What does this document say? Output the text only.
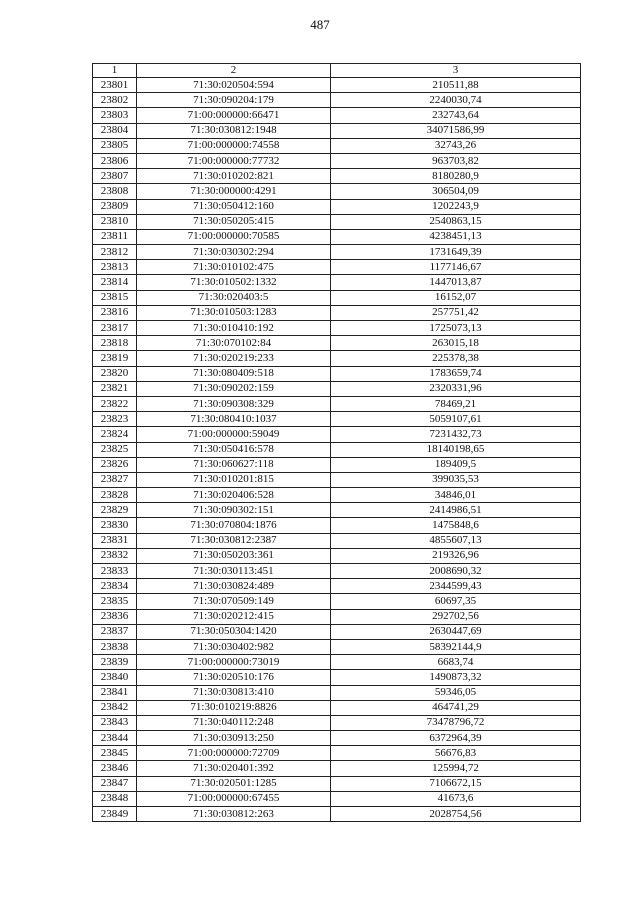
487
1	2	3
23801	71:30:020504:594	210511,88
23802	71:30:090204:179	2240030,74
23803	71:00:000000:66471	232743,64
23804	71:30:030812:1948	34071586,99
23805	71:00:000000:74558	32743,26
23806	71:00:000000:77732	963703,82
23807	71:30:010202:821	8180280,9
23808	71:30:000000:4291	306504,09
23809	71:30:050412:160	1202243,9
23810	71:30:050205:415	2540863,15
23811	71:00:000000:70585	4238451,13
23812	71:30:030302:294	1731649,39
23813	71:30:010102:475	1177146,67
23814	71:30:010502:1332	1447013,87
23815	71:30:020403:5	16152,07
23816	71:30:010503:1283	257751,42
23817	71:30:010410:192	1725073,13
23818	71:30:070102:84	263015,18
23819	71:30:020219:233	225378,38
23820	71:30:080409:518	1783659,74
23821	71:30:090202:159	2320331,96
23822	71:30:090308:329	78469,21
23823	71:30:080410:1037	5059107,61
23824	71:00:000000:59049	7231432,73
23825	71:30:050416:578	18140198,65
23826	71:30:060627:118	189409,5
23827	71:30:010201:815	399035,53
23828	71:30:020406:528	34846,01
23829	71:30:090302:151	2414986,51
23830	71:30:070804:1876	1475848,6
23831	71:30:030812:2387	4855607,13
23832	71:30:050203:361	219326,96
23833	71:30:030113:451	2008690,32
23834	71:30:030824:489	2344599,43
23835	71:30:070509:149	60697,35
23836	71:30:020212:415	292702,56
23837	71:30:050304:1420	2630447,69
23838	71:30:030402:982	58392144,9
23839	71:00:000000:73019	6683,74
23840	71:30:020510:176	1490873,32
23841	71:30:030813:410	59346,05
23842	71:30:010219:8826	464741,29
23843	71:30:040112:248	73478796,72
23844	71:30:030913:250	6372964,39
23845	71:00:000000:72709	56676,83
23846	71:30:020401:392	125994,72
23847	71:30:020501:1285	7106672,15
23848	71:00:000000:67455	41673,6
23849	71:30:030812:263	2028754,56
